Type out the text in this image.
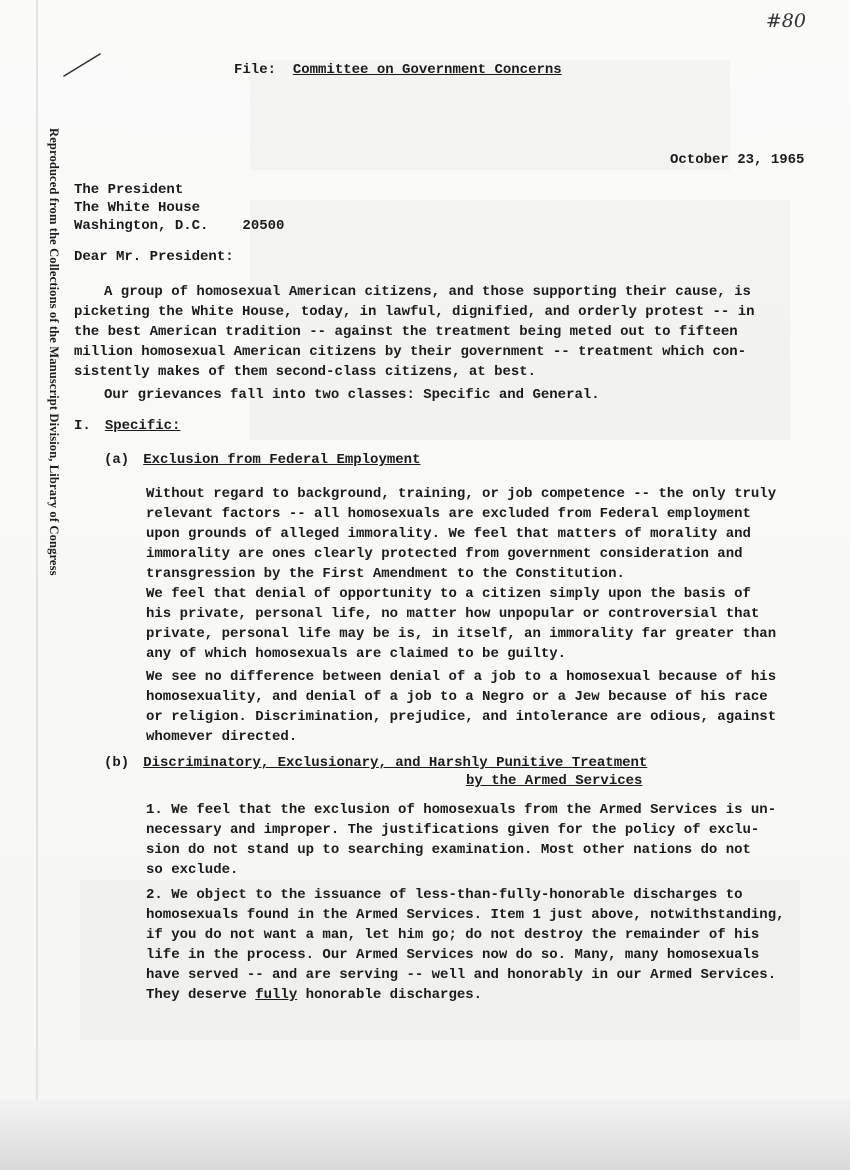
#80
Reproduced from the Collections of the Manuscript Division, Library of Congress
File: Committee on Government Concerns
October 23, 1965
The President
The White House
Washington, D.C. 20500
Dear Mr. President:
A group of homosexual American citizens, and those supporting their cause, is
picketing the White House, today, in lawful, dignified, and orderly protest -- in
the best American tradition -- against the treatment being meted out to fifteen
million homosexual American citizens by their government -- treatment which con-
sistently makes of them second-class citizens, at best.
Our grievances fall into two classes: Specific and General.
I. Specific:
(a) Exclusion from Federal Employment
Without regard to background, training, or job competence -- the only truly
relevant factors -- all homosexuals are excluded from Federal employment
upon grounds of alleged immorality. We feel that matters of morality and
immorality are ones clearly protected from government consideration and
transgression by the First Amendment to the Constitution.
We feel that denial of opportunity to a citizen simply upon the basis of
his private, personal life, no matter how unpopular or controversial that
private, personal life may be is, in itself, an immorality far greater than
any of which homosexuals are claimed to be guilty.
We see no difference between denial of a job to a homosexual because of his
homosexuality, and denial of a job to a Negro or a Jew because of his race
or religion. Discrimination, prejudice, and intolerance are odious, against
whomever directed.
(b) Discriminatory, Exclusionary, and Harshly Punitive Treatment
by the Armed Services
1. We feel that the exclusion of homosexuals from the Armed Services is un-
necessary and improper. The justifications given for the policy of exclu-
sion do not stand up to searching examination. Most other nations do not
so exclude.
2. We object to the issuance of less-than-fully-honorable discharges to
homosexuals found in the Armed Services. Item 1 just above, notwithstanding,
if you do not want a man, let him go; do not destroy the remainder of his
life in the process. Our Armed Services now do so. Many, many homosexuals
have served -- and are serving -- well and honorably in our Armed Services.
They deserve fully honorable discharges.
